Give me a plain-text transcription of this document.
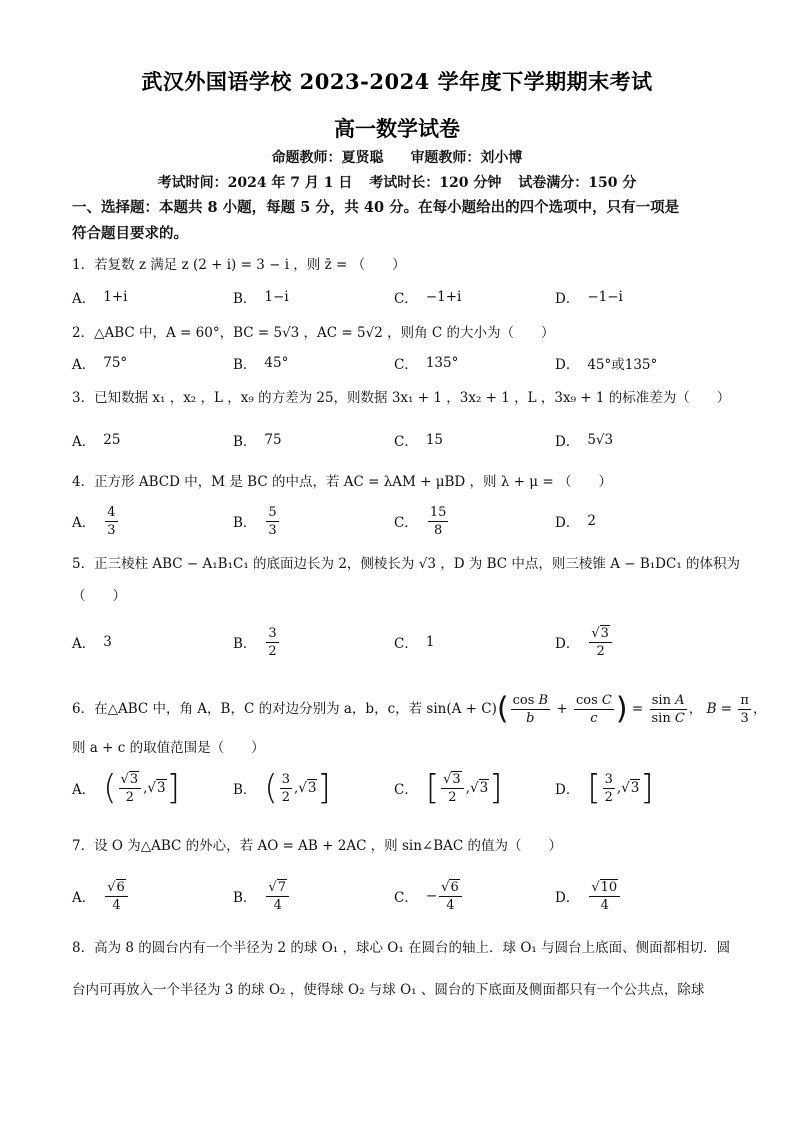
武汉外国语学校 2023-2024 学年度下学期期末考试
高一数学试卷
命题教师：夏贤聪 审题教师：刘小博
考试时间：2024 年 7 月 1 日 考试时长：120 分钟 试卷满分：150 分
一、选择题：本题共 8 小题，每题 5 分，共 40 分。在每小题给出的四个选项中，只有一项是
符合题目要求的。
1．若复数 z 满足 z (2 + i) = 3 − i ，则 z̄ = （　　）
A． 1+i	B． 1−i	C． −1+i	D． −1−i
2．△ABC 中，A = 60°，BC = 5√3 ，AC = 5√2 ，则角 C 的大小为（　　）
A． 75°	B． 45°	C． 135°	D． 45°或135°
3．已知数据 x₁ ，x₂ ，L ，x₉ 的方差为 25，则数据 3x₁ + 1 ，3x₂ + 1 ，L ，3x₉ + 1 的标准差为（　　）
A． 25	B． 75	C． 15	D． 5√3
4．正方形 ABCD 中，M 是 BC 的中点，若 AC = λAM + μBD ，则 λ + μ = （　　）
A． $\frac{4}{3}$	B． $\frac{5}{3}$	C． $\frac{15}{8}$	D． 2
5．正三棱柱 ABC − A₁B₁C₁ 的底面边长为 2，侧棱长为 √3 ，D 为 BC 中点，则三棱锥 A − B₁DC₁ 的体积为
（　　）
A． 3	B． $\frac{3}{2}$	C． 1	D． $\frac{√3}{2}$
6．在△ABC 中，角 A，B，C 的对边分别为 a，b，c，若 $\sin(A + C)( \frac{\text{cos B}}{b} + \frac{\text{cos C}}{c}$ ) = $\frac{\text{sin A}}{\text{sin C}}$ ， $B = \frac{\pi}{3}$ ，
则 a + c 的取值范围是（　　）
A． ( $\frac{√3}{2}$ ,√ 3 ]	B． ( $\frac{3}{2}$ ,√ 3 ]	C． [ $\frac{√3}{2}$ ,√ 3 ]	D． [ $\frac{3}{2}$ ,√ 3 ]
7．设 O 为△ABC 的外心，若 AO = AB + 2AC ，则 sin∠BAC 的值为（　　）
A． $\frac{√6}{4}$	B． $\frac{√7}{4}$	C． − $\frac{√6}{4}$	D． $\frac{√10}{4}$
8．高为 8 的圆台内有一个半径为 2 的球 O₁ ，球心 O₁ 在圆台的轴上．球 O₁ 与圆台上底面、侧面都相切．圆
台内可再放入一个半径为 3 的球 O₂ ，使得球 O₂ 与球 O₁ 、圆台的下底面及侧面都只有一个公共点，除球
